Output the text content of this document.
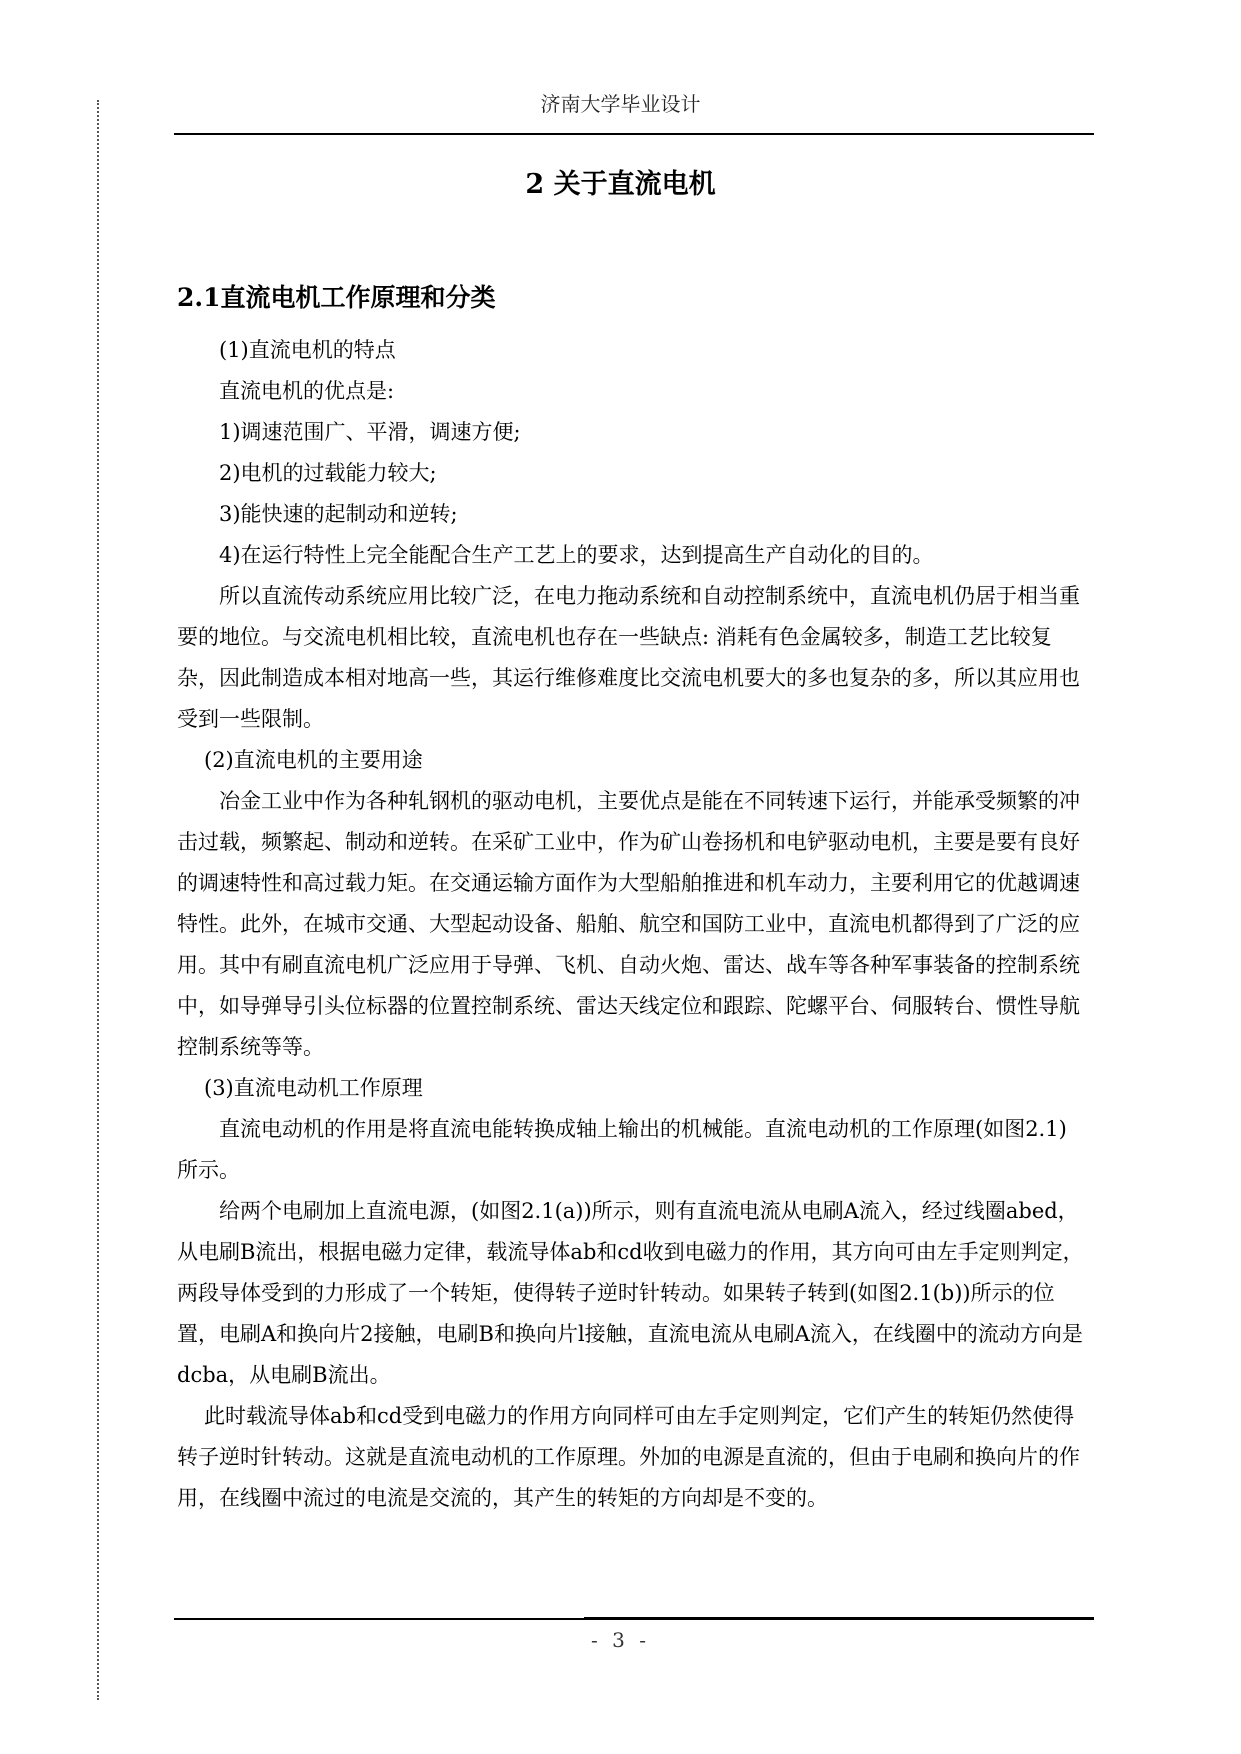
济南大学毕业设计
2 关于直流电机
2.1直流电机工作原理和分类

(1)直流电机的特点

直流电机的优点是:

1)调速范围广、平滑，调速方便;

2)电机的过载能力较大;

3)能快速的起制动和逆转;

4)在运行特性上完全能配合生产工艺上的要求，达到提高生产自动化的目的。

所以直流传动系统应用比较广泛，在电力拖动系统和自动控制系统中，直流电机仍居于相当重要的地位。与交流电机相比较，直流电机也存在一些缺点: 消耗有色金属较多，制造工艺比较复杂，因此制造成本相对地高一些，其运行维修难度比交流电机要大的多也复杂的多，所以其应用也受到一些限制。

(2)直流电机的主要用途

冶金工业中作为各种轧钢机的驱动电机，主要优点是能在不同转速下运行，并能承受频繁的冲击过载，频繁起、制动和逆转。在采矿工业中，作为矿山卷扬机和电铲驱动电机，主要是要有良好的调速特性和高过载力矩。在交通运输方面作为大型船舶推进和机车动力，主要利用它的优越调速特性。此外，在城市交通、大型起动设备、船舶、航空和国防工业中，直流电机都得到了广泛的应用。其中有刷直流电机广泛应用于导弹、飞机、自动火炮、雷达、战车等各种军事装备的控制系统中，如导弹导引头位标器的位置控制系统、雷达天线定位和跟踪、陀螺平台、伺服转台、惯性导航控制系统等等。

(3)直流电动机工作原理

直流电动机的作用是将直流电能转换成轴上输出的机械能。直流电动机的工作原理(如图2.1)所示。

给两个电刷加上直流电源，(如图2.1(a))所示，则有直流电流从电刷A流入，经过线圈abed，从电刷B流出，根据电磁力定律，载流导体ab和cd收到电磁力的作用，其方向可由左手定则判定，两段导体受到的力形成了一个转矩，使得转子逆时针转动。如果转子转到(如图2.1(b))所示的位置，电刷A和换向片2接触，电刷B和换向片l接触，直流电流从电刷A流入，在线圈中的流动方向是dcba，从电刷B流出。

此时载流导体ab和cd受到电磁力的作用方向同样可由左手定则判定，它们产生的转矩仍然使得转子逆时针转动。这就是直流电动机的工作原理。外加的电源是直流的，但由于电刷和换向片的作用，在线圈中流过的电流是交流的，其产生的转矩的方向却是不变的。

- 3 -
